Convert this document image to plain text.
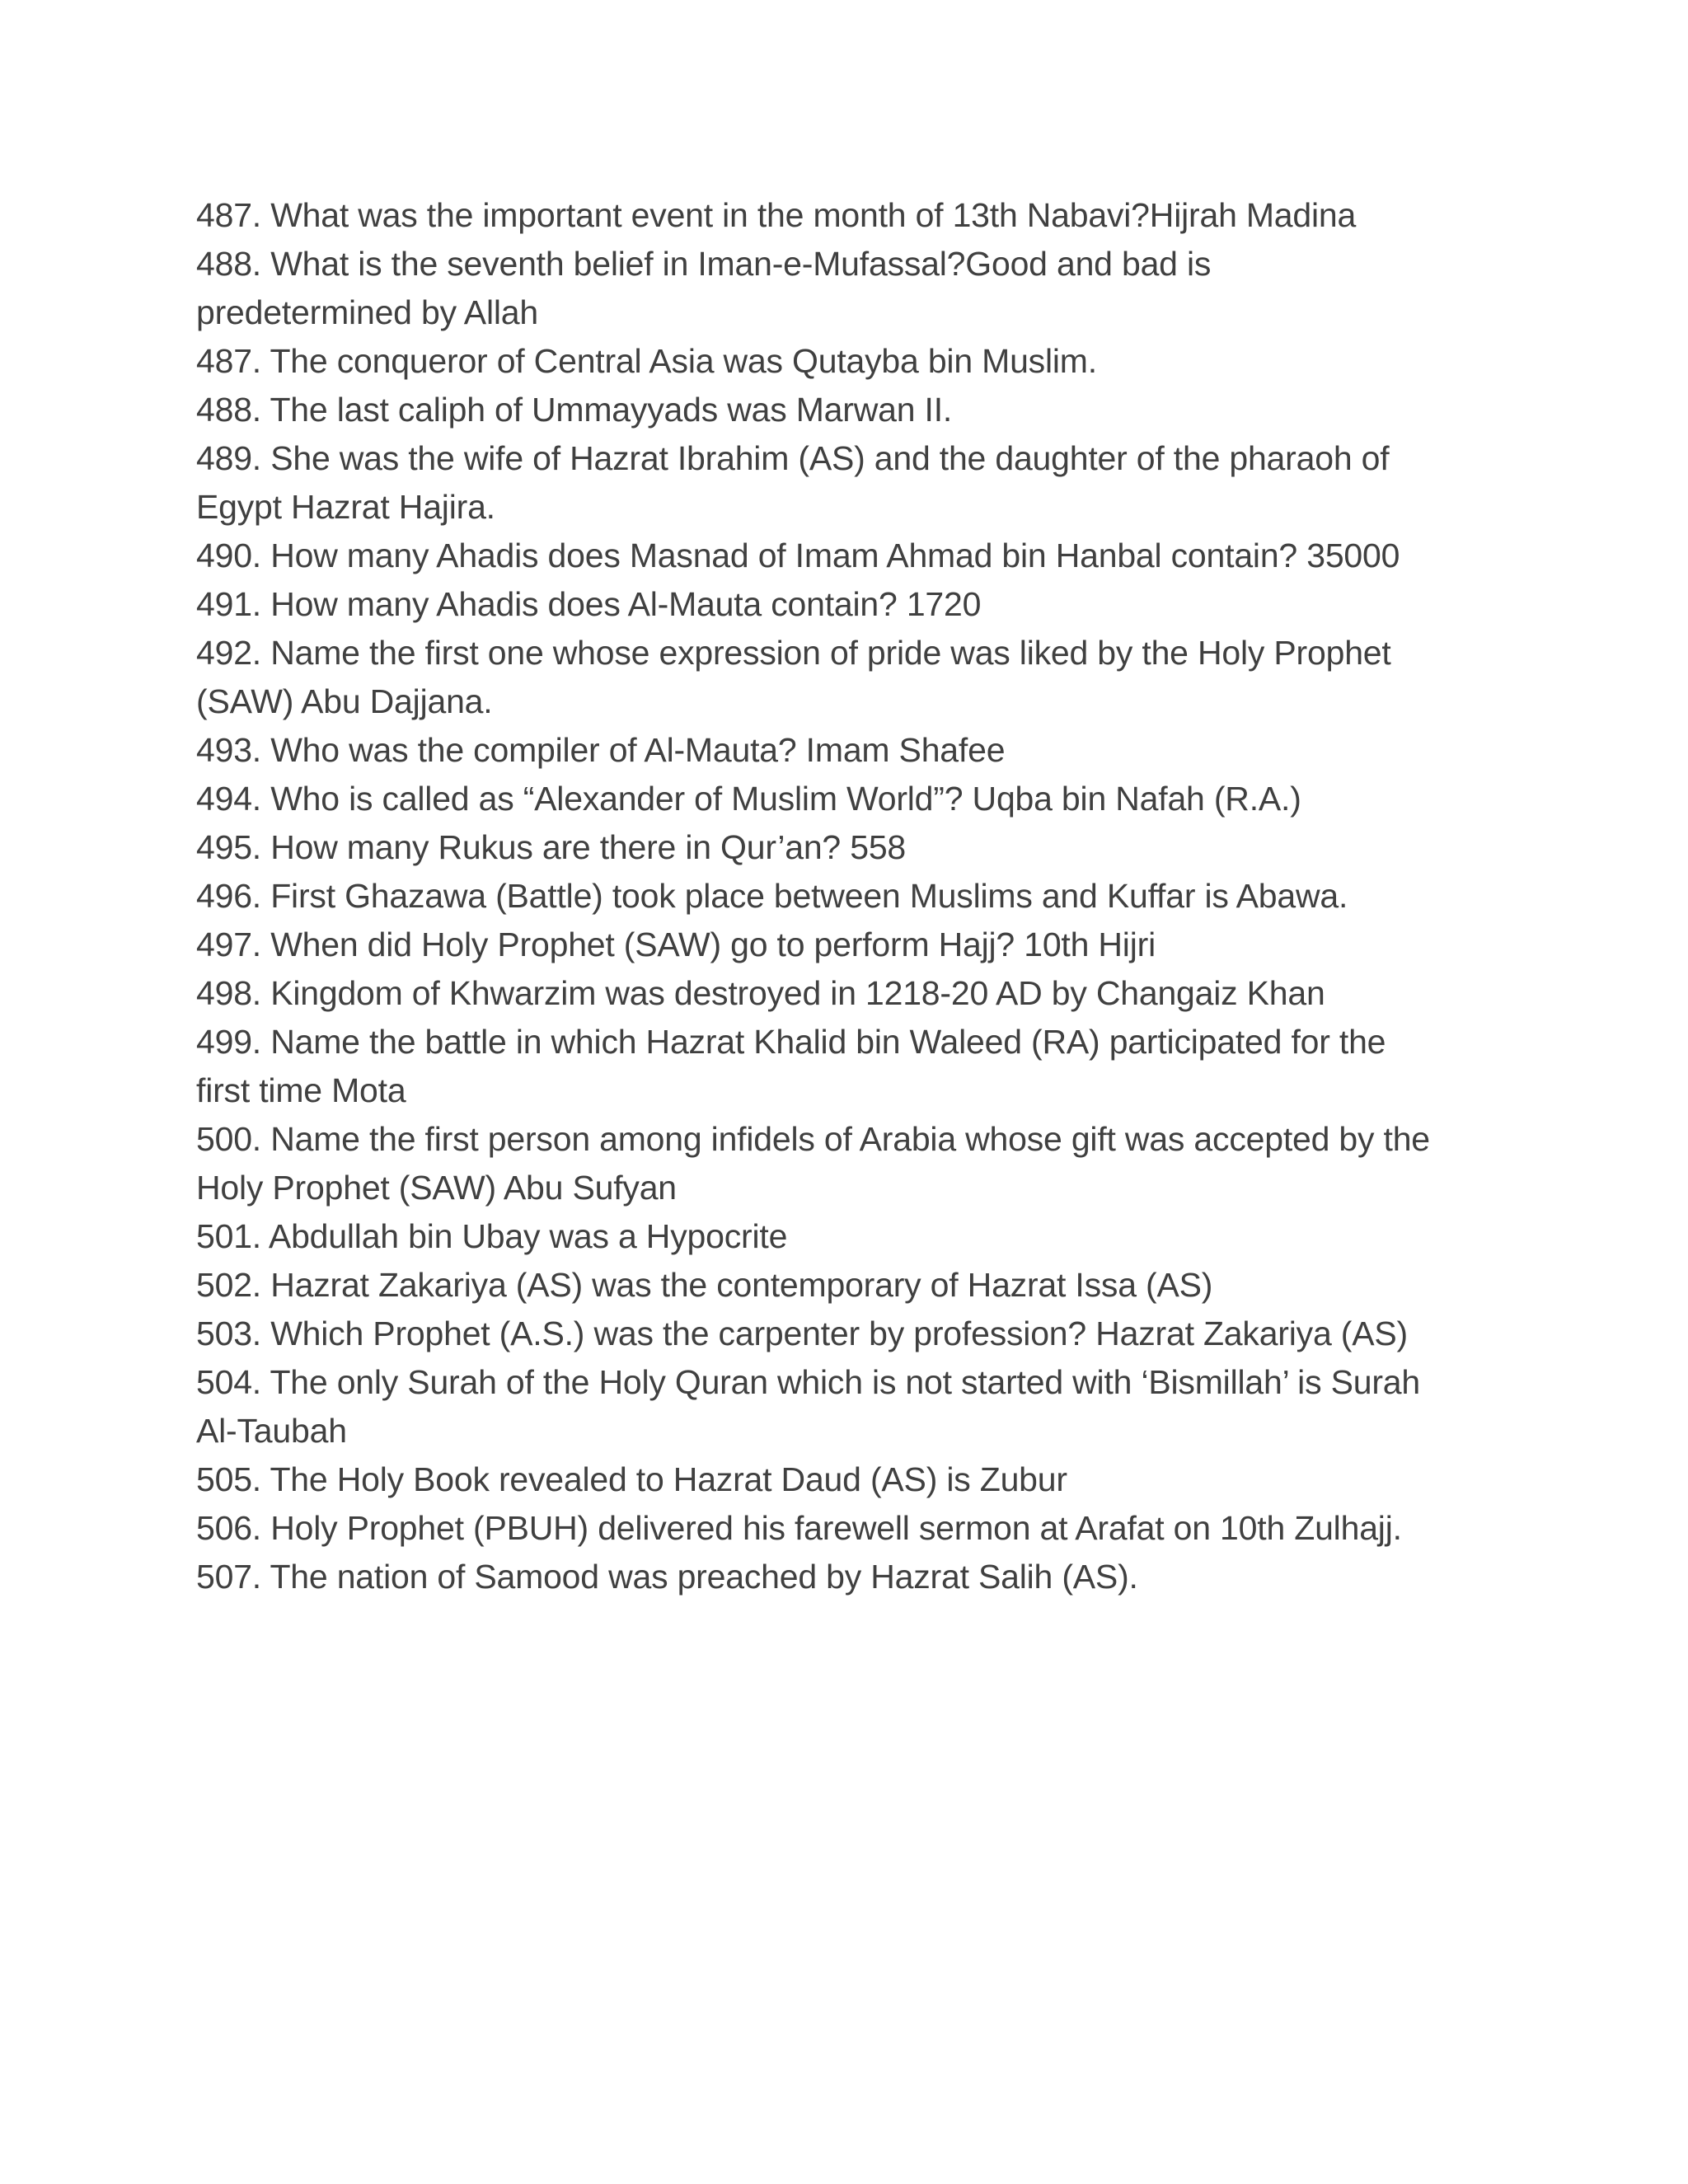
487. What was the important event in the month of 13th Nabavi?Hijrah Madina
488. What is the seventh belief in Iman-e-Mufassal?Good and bad is
predetermined by Allah
487. The conqueror of Central Asia was Qutayba bin Muslim.
488. The last caliph of Ummayyads was Marwan II.
489. She was the wife of Hazrat Ibrahim (AS) and the daughter of the pharaoh of
Egypt Hazrat Hajira.
490. How many Ahadis does Masnad of Imam Ahmad bin Hanbal contain? 35000
491. How many Ahadis does Al-Mauta contain? 1720
492. Name the first one whose expression of pride was liked by the Holy Prophet
(SAW) Abu Dajjana.
493. Who was the compiler of Al-Mauta? Imam Shafee
494. Who is called as “Alexander of Muslim World”? Uqba bin Nafah (R.A.)
495. How many Rukus are there in Qur’an? 558
496. First Ghazawa (Battle) took place between Muslims and Kuffar is Abawa.
497. When did Holy Prophet (SAW) go to perform Hajj? 10th Hijri
498. Kingdom of Khwarzim was destroyed in 1218-20 AD by Changaiz Khan
499. Name the battle in which Hazrat Khalid bin Waleed (RA) participated for the
first time Mota
500. Name the first person among infidels of Arabia whose gift was accepted by the
Holy Prophet (SAW) Abu Sufyan
501. Abdullah bin Ubay was a Hypocrite
502. Hazrat Zakariya (AS) was the contemporary of Hazrat Issa (AS)
503. Which Prophet (A.S.) was the carpenter by profession? Hazrat Zakariya (AS)
504. The only Surah of the Holy Quran which is not started with ‘Bismillah’ is Surah
Al-Taubah
505. The Holy Book revealed to Hazrat Daud (AS) is Zubur
506. Holy Prophet (PBUH) delivered his farewell sermon at Arafat on 10th Zulhajj.
507. The nation of Samood was preached by Hazrat Salih (AS).
